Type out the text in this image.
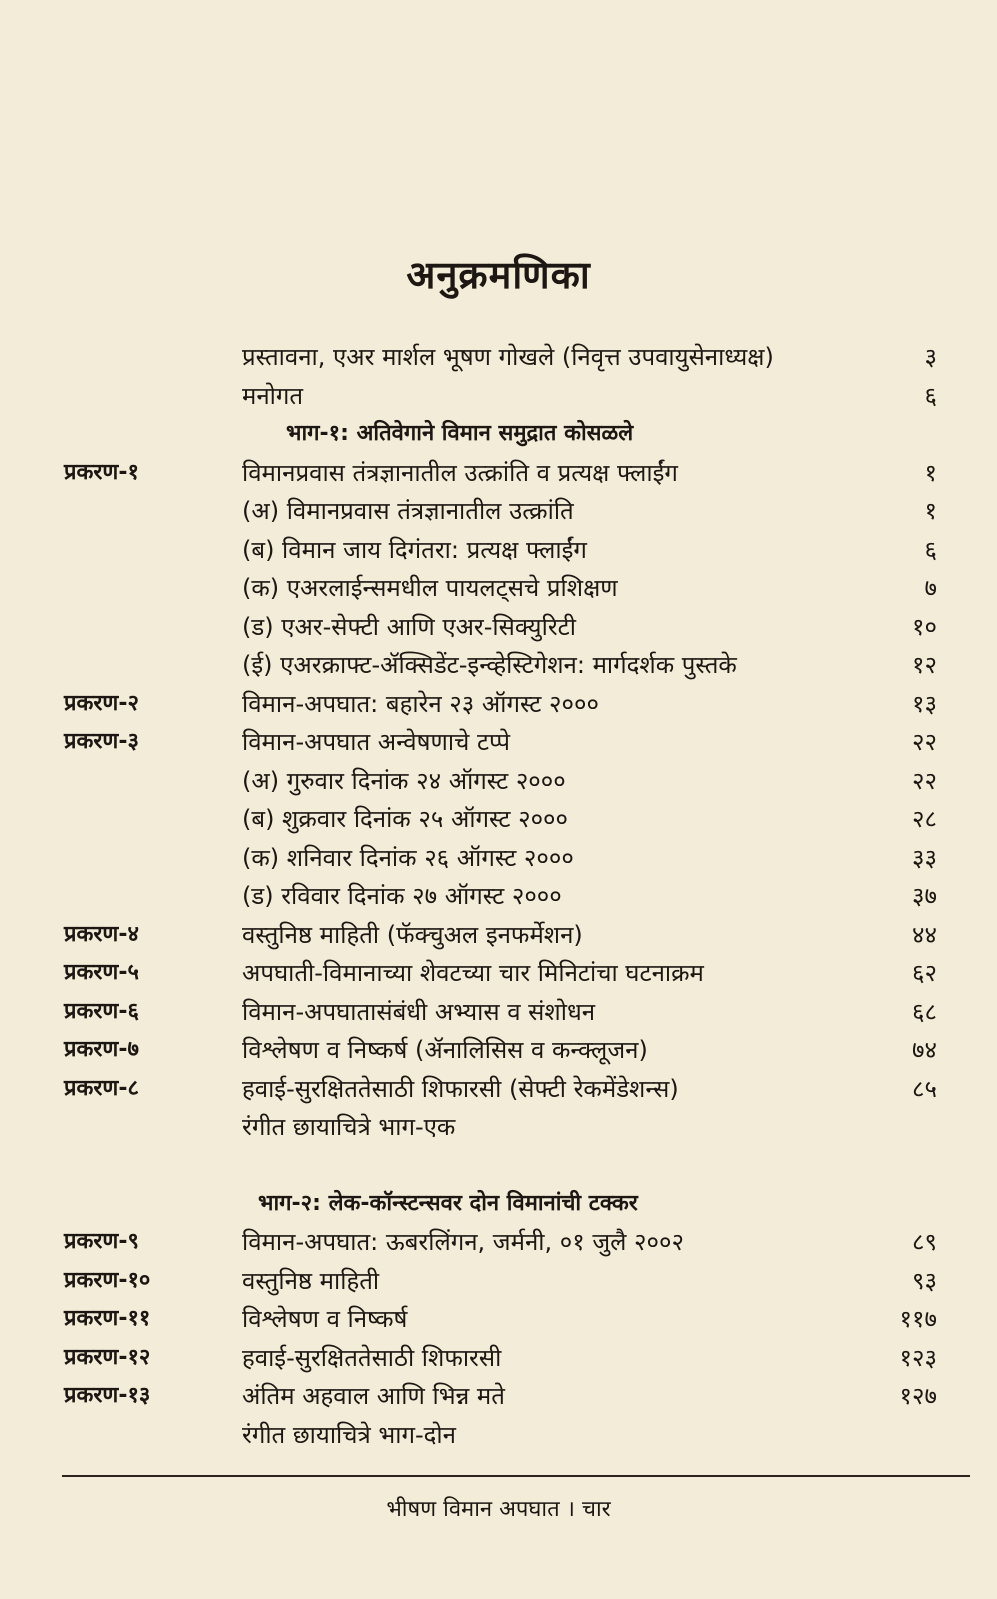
अनुक्रमणिका
प्रस्तावना, एअर मार्शल भूषण गोखले (निवृत्त उपवायुसेनाध्यक्ष)	३
मनोगत	६
भाग-१: अतिवेगाने विमान समुद्रात कोसळले
प्रकरण-१	विमानप्रवास तंत्रज्ञानातील उत्क्रांति व प्रत्यक्ष फ्लाईंग	१
(अ) विमानप्रवास तंत्रज्ञानातील उत्क्रांति	१
(ब) विमान जाय दिगंतरा: प्रत्यक्ष फ्लाईंग	६
(क) एअरलाईन्समधील पायलट्सचे प्रशिक्षण	७
(ड) एअर-सेफ्टी आणि एअर-सिक्युरिटी	१०
(ई) एअरक्राफ्ट-ॲक्सिडेंट-इन्व्हेस्टिगेशन: मार्गदर्शक पुस्तके	१२
प्रकरण-२	विमान-अपघात: बहारेन २३ ऑगस्ट २०००	१३
प्रकरण-३	विमान-अपघात अन्वेषणाचे टप्पे	२२
(अ) गुरुवार दिनांक २४ ऑगस्ट २०००	२२
(ब) शुक्रवार दिनांक २५ ऑगस्ट २०००	२८
(क) शनिवार दिनांक २६ ऑगस्ट २०००	३३
(ड) रविवार दिनांक २७ ऑगस्ट २०००	३७
प्रकरण-४	वस्तुनिष्ठ माहिती (फॅक्चुअल इनफर्मेशन)	४४
प्रकरण-५	अपघाती-विमानाच्या शेवटच्या चार मिनिटांचा घटनाक्रम	६२
प्रकरण-६	विमान-अपघातासंबंधी अभ्यास व संशोधन	६८
प्रकरण-७	विश्लेषण व निष्कर्ष (ॲनालिसिस व कन्क्लूजन)	७४
प्रकरण-८	हवाई-सुरक्षिततेसाठी शिफारसी (सेफ्टी रेकमेंडेशन्स)	८५
रंगीत छायाचित्रे भाग-एक
भाग-२: लेक-कॉन्स्टन्सवर दोन विमानांची टक्कर
प्रकरण-९	विमान-अपघात: ऊबरलिंगन, जर्मनी, ०१ जुलै २००२	८९
प्रकरण-१०	वस्तुनिष्ठ माहिती	९३
प्रकरण-११	विश्लेषण व निष्कर्ष	११७
प्रकरण-१२	हवाई-सुरक्षिततेसाठी शिफारसी	१२३
प्रकरण-१३	अंतिम अहवाल आणि भिन्न मते	१२७
रंगीत छायाचित्रे भाग-दोन
भीषण विमान अपघात । चार
